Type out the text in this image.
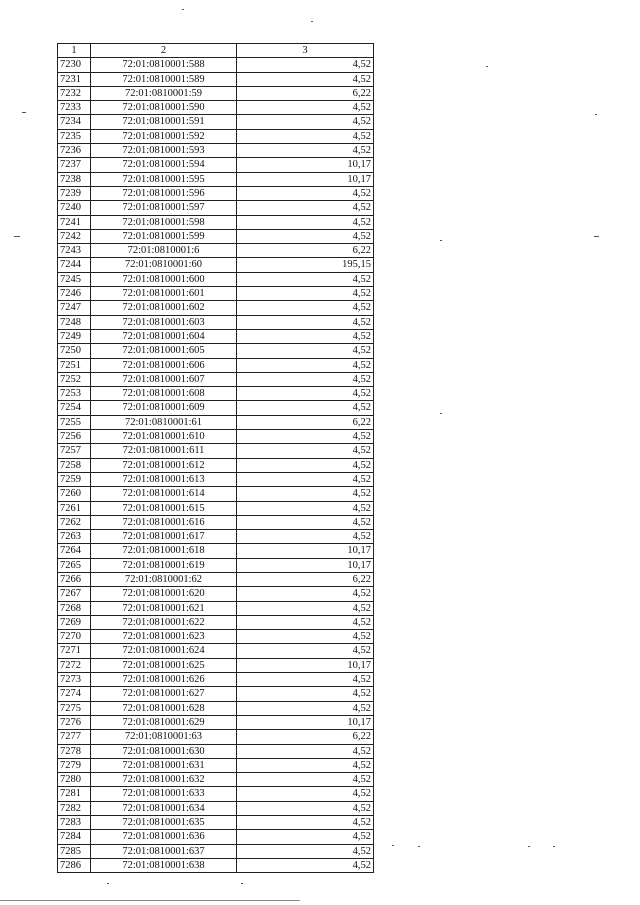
1	2	3
7230	72:01:0810001:588	4,52
7231	72:01:0810001:589	4,52
7232	72:01:0810001:59	6,22
7233	72:01:0810001:590	4,52
7234	72:01:0810001:591	4,52
7235	72:01:0810001:592	4,52
7236	72:01:0810001:593	4,52
7237	72:01:0810001:594	10,17
7238	72:01:0810001:595	10,17
7239	72:01:0810001:596	4,52
7240	72:01:0810001:597	4,52
7241	72:01:0810001:598	4,52
7242	72:01:0810001:599	4,52
7243	72:01:0810001:6	6,22
7244	72:01:0810001:60	195,15
7245	72:01:0810001:600	4,52
7246	72:01:0810001:601	4,52
7247	72:01:0810001:602	4,52
7248	72:01:0810001:603	4,52
7249	72:01:0810001:604	4,52
7250	72:01:0810001:605	4,52
7251	72:01:0810001:606	4,52
7252	72:01:0810001:607	4,52
7253	72:01:0810001:608	4,52
7254	72:01:0810001:609	4,52
7255	72:01:0810001:61	6,22
7256	72:01:0810001:610	4,52
7257	72:01:0810001:611	4,52
7258	72:01:0810001:612	4,52
7259	72:01:0810001:613	4,52
7260	72:01:0810001:614	4,52
7261	72:01:0810001:615	4,52
7262	72:01:0810001:616	4,52
7263	72:01:0810001:617	4,52
7264	72:01:0810001:618	10,17
7265	72:01:0810001:619	10,17
7266	72:01:0810001:62	6,22
7267	72:01:0810001:620	4,52
7268	72:01:0810001:621	4,52
7269	72:01:0810001:622	4,52
7270	72:01:0810001:623	4,52
7271	72:01:0810001:624	4,52
7272	72:01:0810001:625	10,17
7273	72:01:0810001:626	4,52
7274	72:01:0810001:627	4,52
7275	72:01:0810001:628	4,52
7276	72:01:0810001:629	10,17
7277	72:01:0810001:63	6,22
7278	72:01:0810001:630	4,52
7279	72:01:0810001:631	4,52
7280	72:01:0810001:632	4,52
7281	72:01:0810001:633	4,52
7282	72:01:0810001:634	4,52
7283	72:01:0810001:635	4,52
7284	72:01:0810001:636	4,52
7285	72:01:0810001:637	4,52
7286	72:01:0810001:638	4,52
